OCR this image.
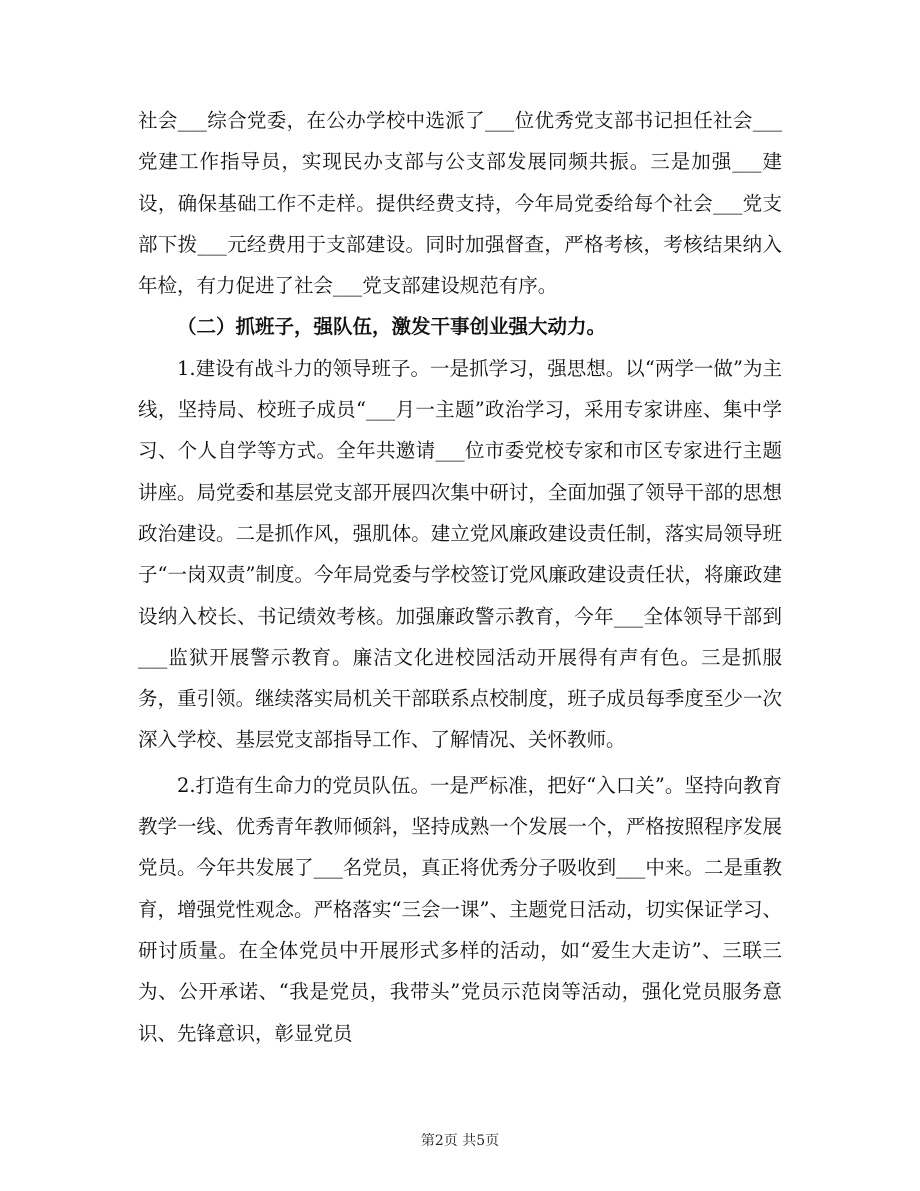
社会___综合党委，在公办学校中选派了___位优秀党支部书记担任社会___党建工作指导员，实现民办支部与公支部发展同频共振。三是加强___建设，确保基础工作不走样。提供经费支持，今年局党委给每个社会___党支部下拨___元经费用于支部建设。同时加强督查，严格考核，考核结果纳入年检，有力促进了社会___党支部建设规范有序。

（二）抓班子，强队伍，激发干事创业强大动力。

1.建设有战斗力的领导班子。一是抓学习，强思想。以“两学一做”为主线，坚持局、校班子成员“___月一主题”政治学习，采用专家讲座、集中学习、个人自学等方式。全年共邀请___位市委党校专家和市区专家进行主题讲座。局党委和基层党支部开展四次集中研讨，全面加强了领导干部的思想政治建设。二是抓作风，强肌体。建立党风廉政建设责任制，落实局领导班子“一岗双责”制度。今年局党委与学校签订党风廉政建设责任状，将廉政建设纳入校长、书记绩效考核。加强廉政警示教育，今年___全体领导干部到___监狱开展警示教育。廉洁文化进校园活动开展得有声有色。三是抓服务，重引领。继续落实局机关干部联系点校制度，班子成员每季度至少一次深入学校、基层党支部指导工作、了解情况、关怀教师。

2.打造有生命力的党员队伍。一是严标准，把好“入口关”。坚持向教育教学一线、优秀青年教师倾斜，坚持成熟一个发展一个，严格按照程序发展党员。今年共发展了___名党员，真正将优秀分子吸收到___中来。二是重教育，增强党性观念。严格落实“三会一课”、主题党日活动，切实保证学习、研讨质量。在全体党员中开展形式多样的活动，如“爱生大走访”、三联三为、公开承诺、“我是党员，我带头”党员示范岗等活动，强化党员服务意识、先锋意识，彰显党员

第2页 共5页
